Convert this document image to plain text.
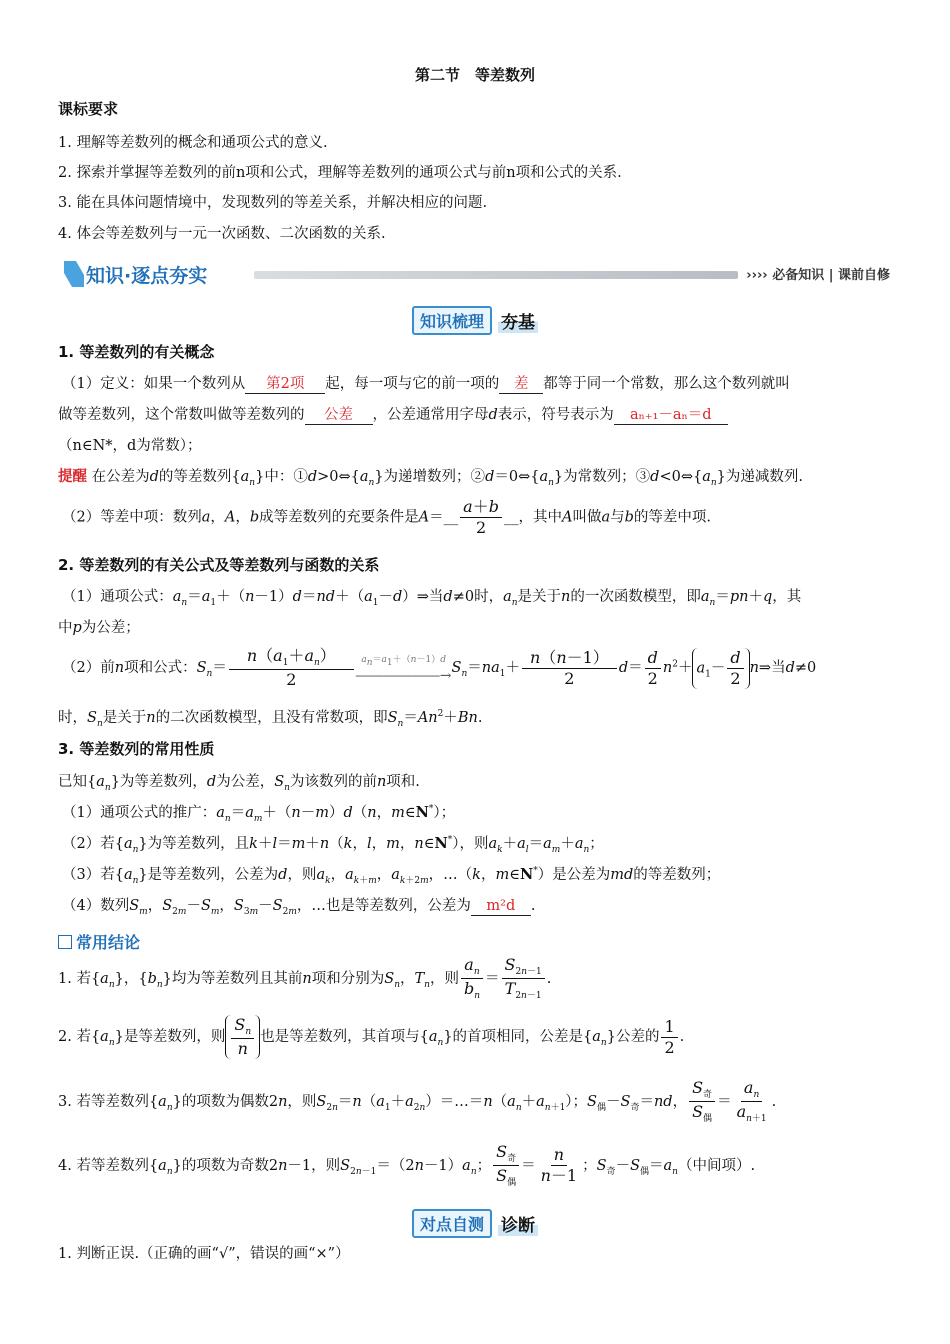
第二节　等差数列
课标要求
1. 理解等差数列的概念和通项公式的意义.
2. 探索并掌握等差数列的前n项和公式，理解等差数列的通项公式与前n项和公式的关系.
3. 能在具体问题情境中，发现数列的等差关系，并解决相应的问题.
4. 体会等差数列与一元一次函数、二次函数的关系.
知识·逐点夯实	›››› 必备知识 | 课前自修
知识梳理	夯基
1. 等差数列的有关概念
（1）定义：如果一个数列从 第2项 起，每一项与它的前一项的 差 都等于同一个常数，那么这个数列就叫
做等差数列，这个常数叫做等差数列的 公差 ，公差通常用字母d表示，符号表示为 aₙ₊₁－aₙ＝d
（n∈N*，d为常数）；
提醒 在公差为d的等差数列$\{a_n\}$中：$①d>0\Leftrightarrow\{a_n\}$为递增数列；$②d=0\Leftrightarrow\{a_n\}$为常数列；$③d<0\Leftrightarrow\{a_n\}$为递减数列.
（2）等差中项：数列a，A，b成等差数列的充要条件是A＝__ $\frac{a+b}{2}$ __，其中A叫做a与b的等差中项.
2. 等差数列的有关公式及等差数列与函数的关系
（1）通项公式：$a_n=a_1+(n-1)d=nd+(a_1-d)\Rightarrow$当d≠0时，$a_n$是关于n的一次函数模型，即$a_n=pn+q$，其
中p为公差；
（2）前n项和公式：$S_n= \frac{n(a_1+a_n)}{2} a_n=a_1+(n-1)d$
――――――→ $S_n=na_1+ \frac{n(n-1)}{2} d= \frac{d}{2} n^2+ a_1- \frac{d}{2}$ n⇒当d≠0
时，$S_n$是关于n的二次函数模型，且没有常数项，即$S_n=An^2+Bn$.
3. 等差数列的常用性质
已知$\{a_n\}$为等差数列，d为公差，$S_n$为该数列的前n项和.
（1）通项公式的推广：$a_n=a_m+(n-m)d(n$，m∈N*）；
（2）若$\{a_n\}$为等差数列，且k＋l＝m＋n（k，l，m，n∈N*），则$a_k+a_l=a_m+a_n$；
（3）若$\{a_n\}$是等差数列，公差为d，则$a_k$，$a_{k+m}$，$a_{k+2m}$，…（k，m∈N*）是公差为md的等差数列；
（4）数列$S_m$，$S_{2m}-S_m$，$S_{3m}-S_{2m}$，…也是等差数列，公差为 m²d .
常用结论
1. 若$\{a_n\}$，$\{b_n\}$均为等差数列且其前n项和分别为$S_n$，$T_n$，则 $\frac{a_n}{b_n} = \frac{S_{2n-1}}{T_{2n-1}}$ .
2. 若$\{a_n\}$是等差数列，则 $\frac{S_n}{n}$ 也是等差数列，其首项与$\{a_n\}$的首项相同，公差是$\{a_n\}$公差的 $\frac{1}{2}$ .
3. 若等差数列$\{a_n\}$的项数为偶数2n，则$S_{2n}=n(a_1+a_{2n})=\dots=n(a_n+a_{n+1})$；$S_偶-S_奇=nd$， $\frac{S_奇}{S_偶} = \frac{a_n}{a_{n+1}}$ .
4. 若等差数列$\{a_n\}$的项数为奇数2n－1，则$S_{2n-1}=(2n-1)a_n$； $\frac{S_奇}{S_偶} = \frac{n}{n-1}$ ；$S_奇-S_偶=a_n$（中间项）.
对点自测	诊断
1. 判断正误.（正确的画“√”，错误的画“×”）
